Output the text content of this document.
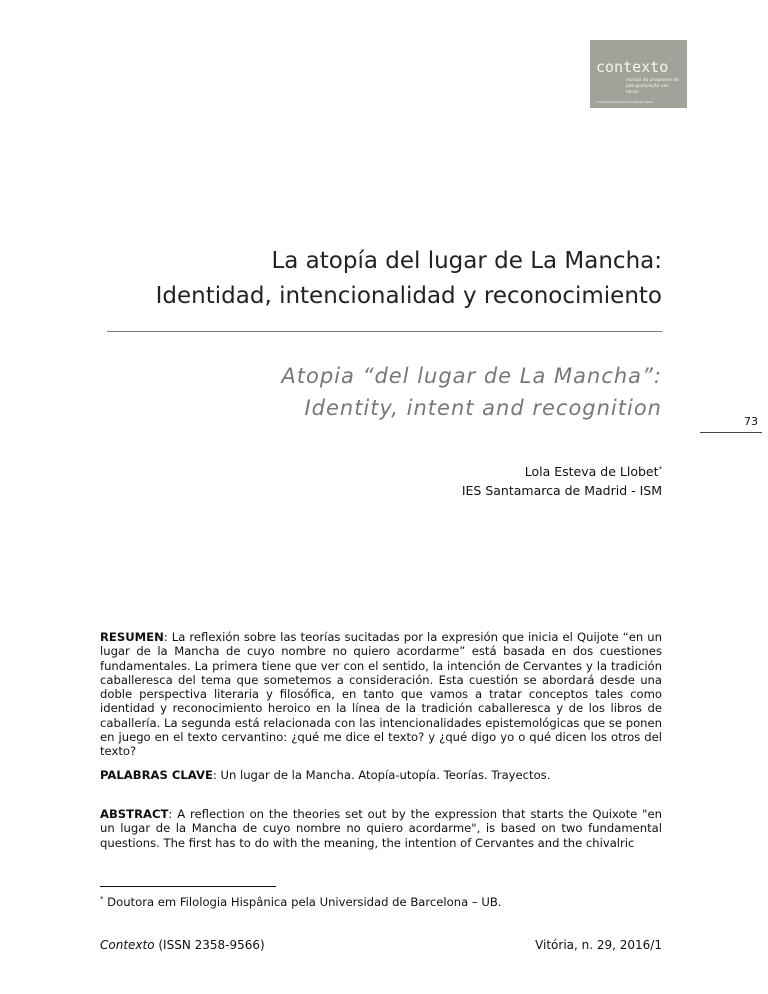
contexto
revista do programa de pós-graduação em letras
universidade federal do espírito santo
La atopía del lugar de La Mancha:
Identidad, intencionalidad y reconocimiento
Atopia “del lugar de La Mancha”:
Identity, intent and recognition
73
Lola Esteva de Llobet*
IES Santamarca de Madrid - ISM
RESUMEN: La reflexión sobre las teorías sucitadas por la expresión que inicia el Quijote “en un lugar de la Mancha de cuyo nombre no quiero acordarme” está basada en dos cuestiones fundamentales. La primera tiene que ver con el sentido, la intención de Cervantes y la tradición caballeresca del tema que sometemos a consideración. Esta cuestión se abordará desde una doble perspectiva literaria y filosófica, en tanto que vamos a tratar conceptos tales como identidad y reconocimiento heroico en la línea de la tradición caballeresca y de los libros de caballería. La segunda está relacionada con las intencionalidades epistemológicas que se ponen en juego en el texto cervantino: ¿qué me dice el texto? y ¿qué digo yo o qué dicen los otros del texto?
PALABRAS CLAVE: Un lugar de la Mancha. Atopía-utopía. Teorías. Trayectos.
ABSTRACT: A reflection on the theories set out by the expression that starts the Quixote "en un lugar de la Mancha de cuyo nombre no quiero acordarme", is based on two fundamental questions. The first has to do with the meaning, the intention of Cervantes and the chivalric
* Doutora em Filologia Hispânica pela Universidad de Barcelona – UB.
Contexto (ISSN 2358-9566)	Vitória, n. 29, 2016/1
